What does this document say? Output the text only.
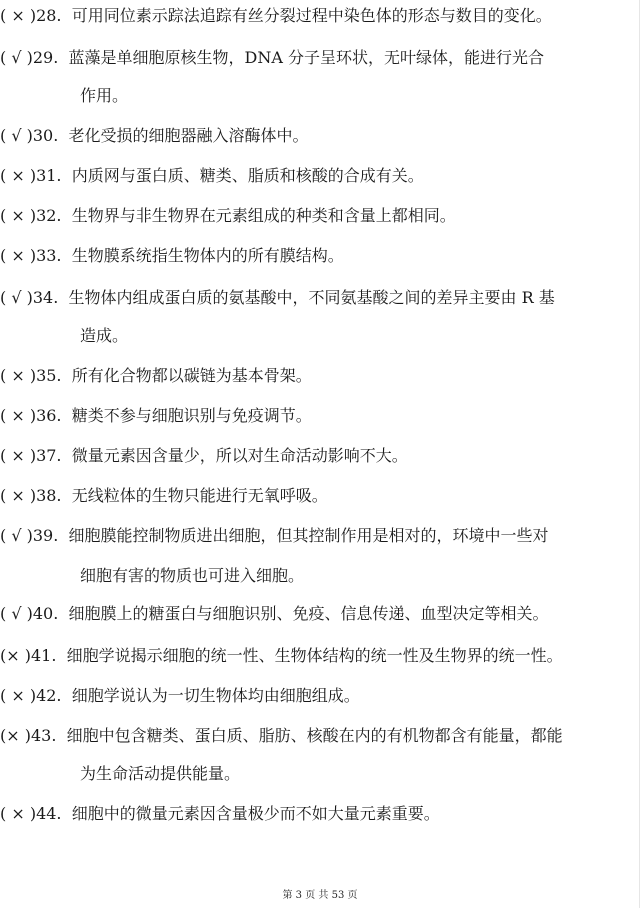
( × )28. 可用同位素示踪法追踪有丝分裂过程中染色体的形态与数目的变化。
( √ )29. 蓝藻是单细胞原核生物，DNA 分子呈环状，无叶绿体，能进行光合
作用。
( √ )30. 老化受损的细胞器融入溶酶体中。
( × )31. 内质网与蛋白质、糖类、脂质和核酸的合成有关。
( × )32. 生物界与非生物界在元素组成的种类和含量上都相同。
( × )33. 生物膜系统指生物体内的所有膜结构。
( √ )34. 生物体内组成蛋白质的氨基酸中，不同氨基酸之间的差异主要由 R 基
造成。
( × )35. 所有化合物都以碳链为基本骨架。
( × )36. 糖类不参与细胞识别与免疫调节。
( × )37. 微量元素因含量少，所以对生命活动影响不大。
( × )38. 无线粒体的生物只能进行无氧呼吸。
( √ )39. 细胞膜能控制物质进出细胞，但其控制作用是相对的，环境中一些对
细胞有害的物质也可进入细胞。
( √ )40. 细胞膜上的糖蛋白与细胞识别、免疫、信息传递、血型决定等相关。
(× )41. 细胞学说揭示细胞的统一性、生物体结构的统一性及生物界的统一性。
( × )42. 细胞学说认为一切生物体均由细胞组成。
(× )43. 细胞中包含糖类、蛋白质、脂肪、核酸在内的有机物都含有能量，都能
为生命活动提供能量。
( × )44. 细胞中的微量元素因含量极少而不如大量元素重要。
第 3 页 共 53 页
